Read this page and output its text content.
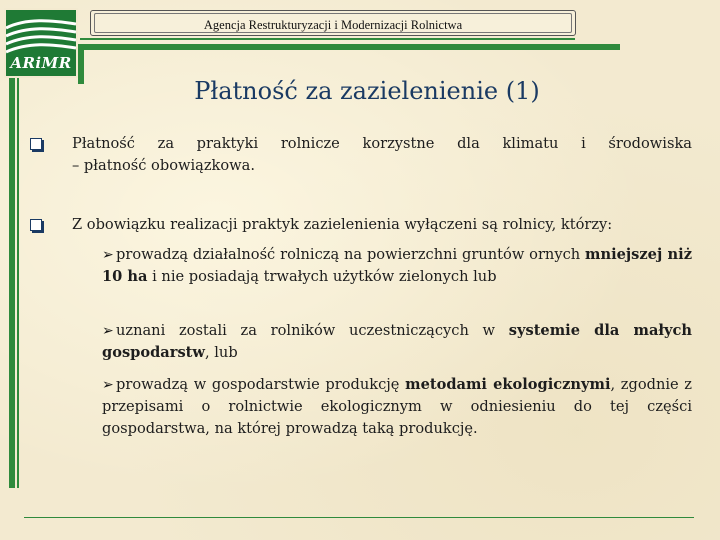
ARiMR
Agencja Restrukturyzacji i Modernizacji Rolnictwa
Płatność za zazielenienie (1)
Płatność za praktyki rolnicze korzystne dla klimatu i środowiska
– płatność obowiązkowa.
Z obowiązku realizacji praktyk zazielenienia wyłączeni są rolnicy, którzy:
➢ prowadzą działalność rolniczą na powierzchni gruntów ornych mniejszej niż 10 ha i nie posiadają trwałych użytków zielonych lub
➢ uznani zostali za rolników uczestniczących w systemie dla małych gospodarstw, lub
➢ prowadzą w gospodarstwie produkcję metodami ekologicznymi, zgodnie z przepisami o rolnictwie ekologicznym w odniesieniu do tej części gospodarstwa, na której prowadzą taką produkcję.
